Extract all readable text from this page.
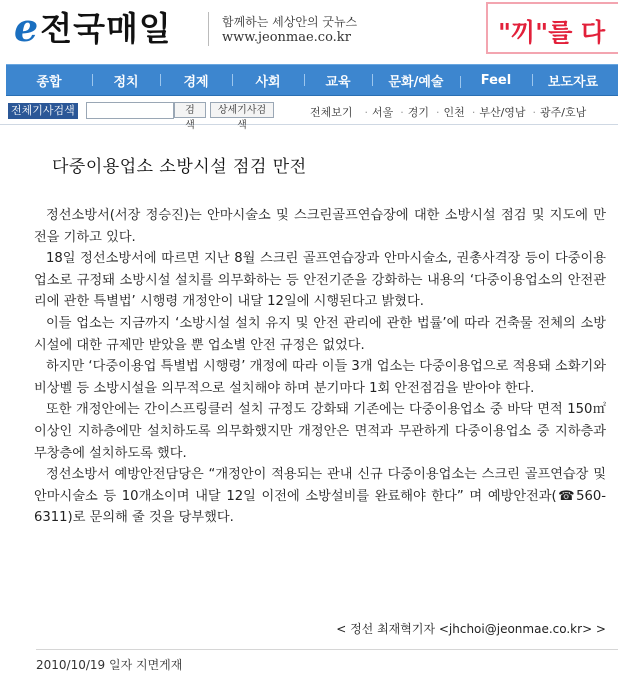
e 전국매일	함께하는 세상안의 굿뉴스
www.jeonmae.co.kr	"끼"를 다
종합	정치	경제	사회	교육	문화/예술	Feel	보도자료
전체기사검색	검 색
상세기사검색
전체보기 · 서울 · 경기 · 인천 · 부산/영남 · 광주/호남
다중이용업소 소방시설 점검 만전

정선소방서(서장 정승진)는 안마시술소 및 스크린골프연습장에 대한 소방시설 점검 및 지도에 만전을 기하고 있다.

18일 정선소방서에 따르면 지난 8월 스크린 골프연습장과 안마시술소, 권총사격장 등이 다중이용업소로 규정돼 소방시설 설치를 의무화하는 등 안전기준을 강화하는 내용의 ‘다중이용업소의 안전관리에 관한 특별법’ 시행령 개정안이 내달 12일에 시행된다고 밝혔다.

이들 업소는 지금까지 ‘소방시설 설치 유지 및 안전 관리에 관한 법률’에 따라 건축물 전체의 소방시설에 대한 규제만 받았을 뿐 업소별 안전 규정은 없었다.

하지만 ‘다중이용업 특별법 시행령’ 개정에 따라 이들 3개 업소는 다중이용업으로 적용돼 소화기와 비상벨 등 소방시설을 의무적으로 설치해야 하며 분기마다 1회 안전점검을 받아야 한다.

또한 개정안에는 간이스프링클러 설치 규정도 강화돼 기존에는 다중이용업소 중 바닥 면적 150㎡ 이상인 지하층에만 설치하도록 의무화했지만 개정안은 면적과 무관하게 다중이용업소 중 지하층과 무창층에 설치하도록 했다.

정선소방서 예방안전담당은 “개정안이 적용되는 관내 신규 다중이용업소는 스크린 골프연습장 및 안마시술소 등 10개소이며 내달 12일 이전에 소방설비를 완료해야 한다” 며 예방안전과(☎560-6311)로 문의해 줄 것을 당부했다.

< 정선 최재혁기자 <jhchoi@jeonmae.co.kr> >
2010/10/19 일자 지면게재
